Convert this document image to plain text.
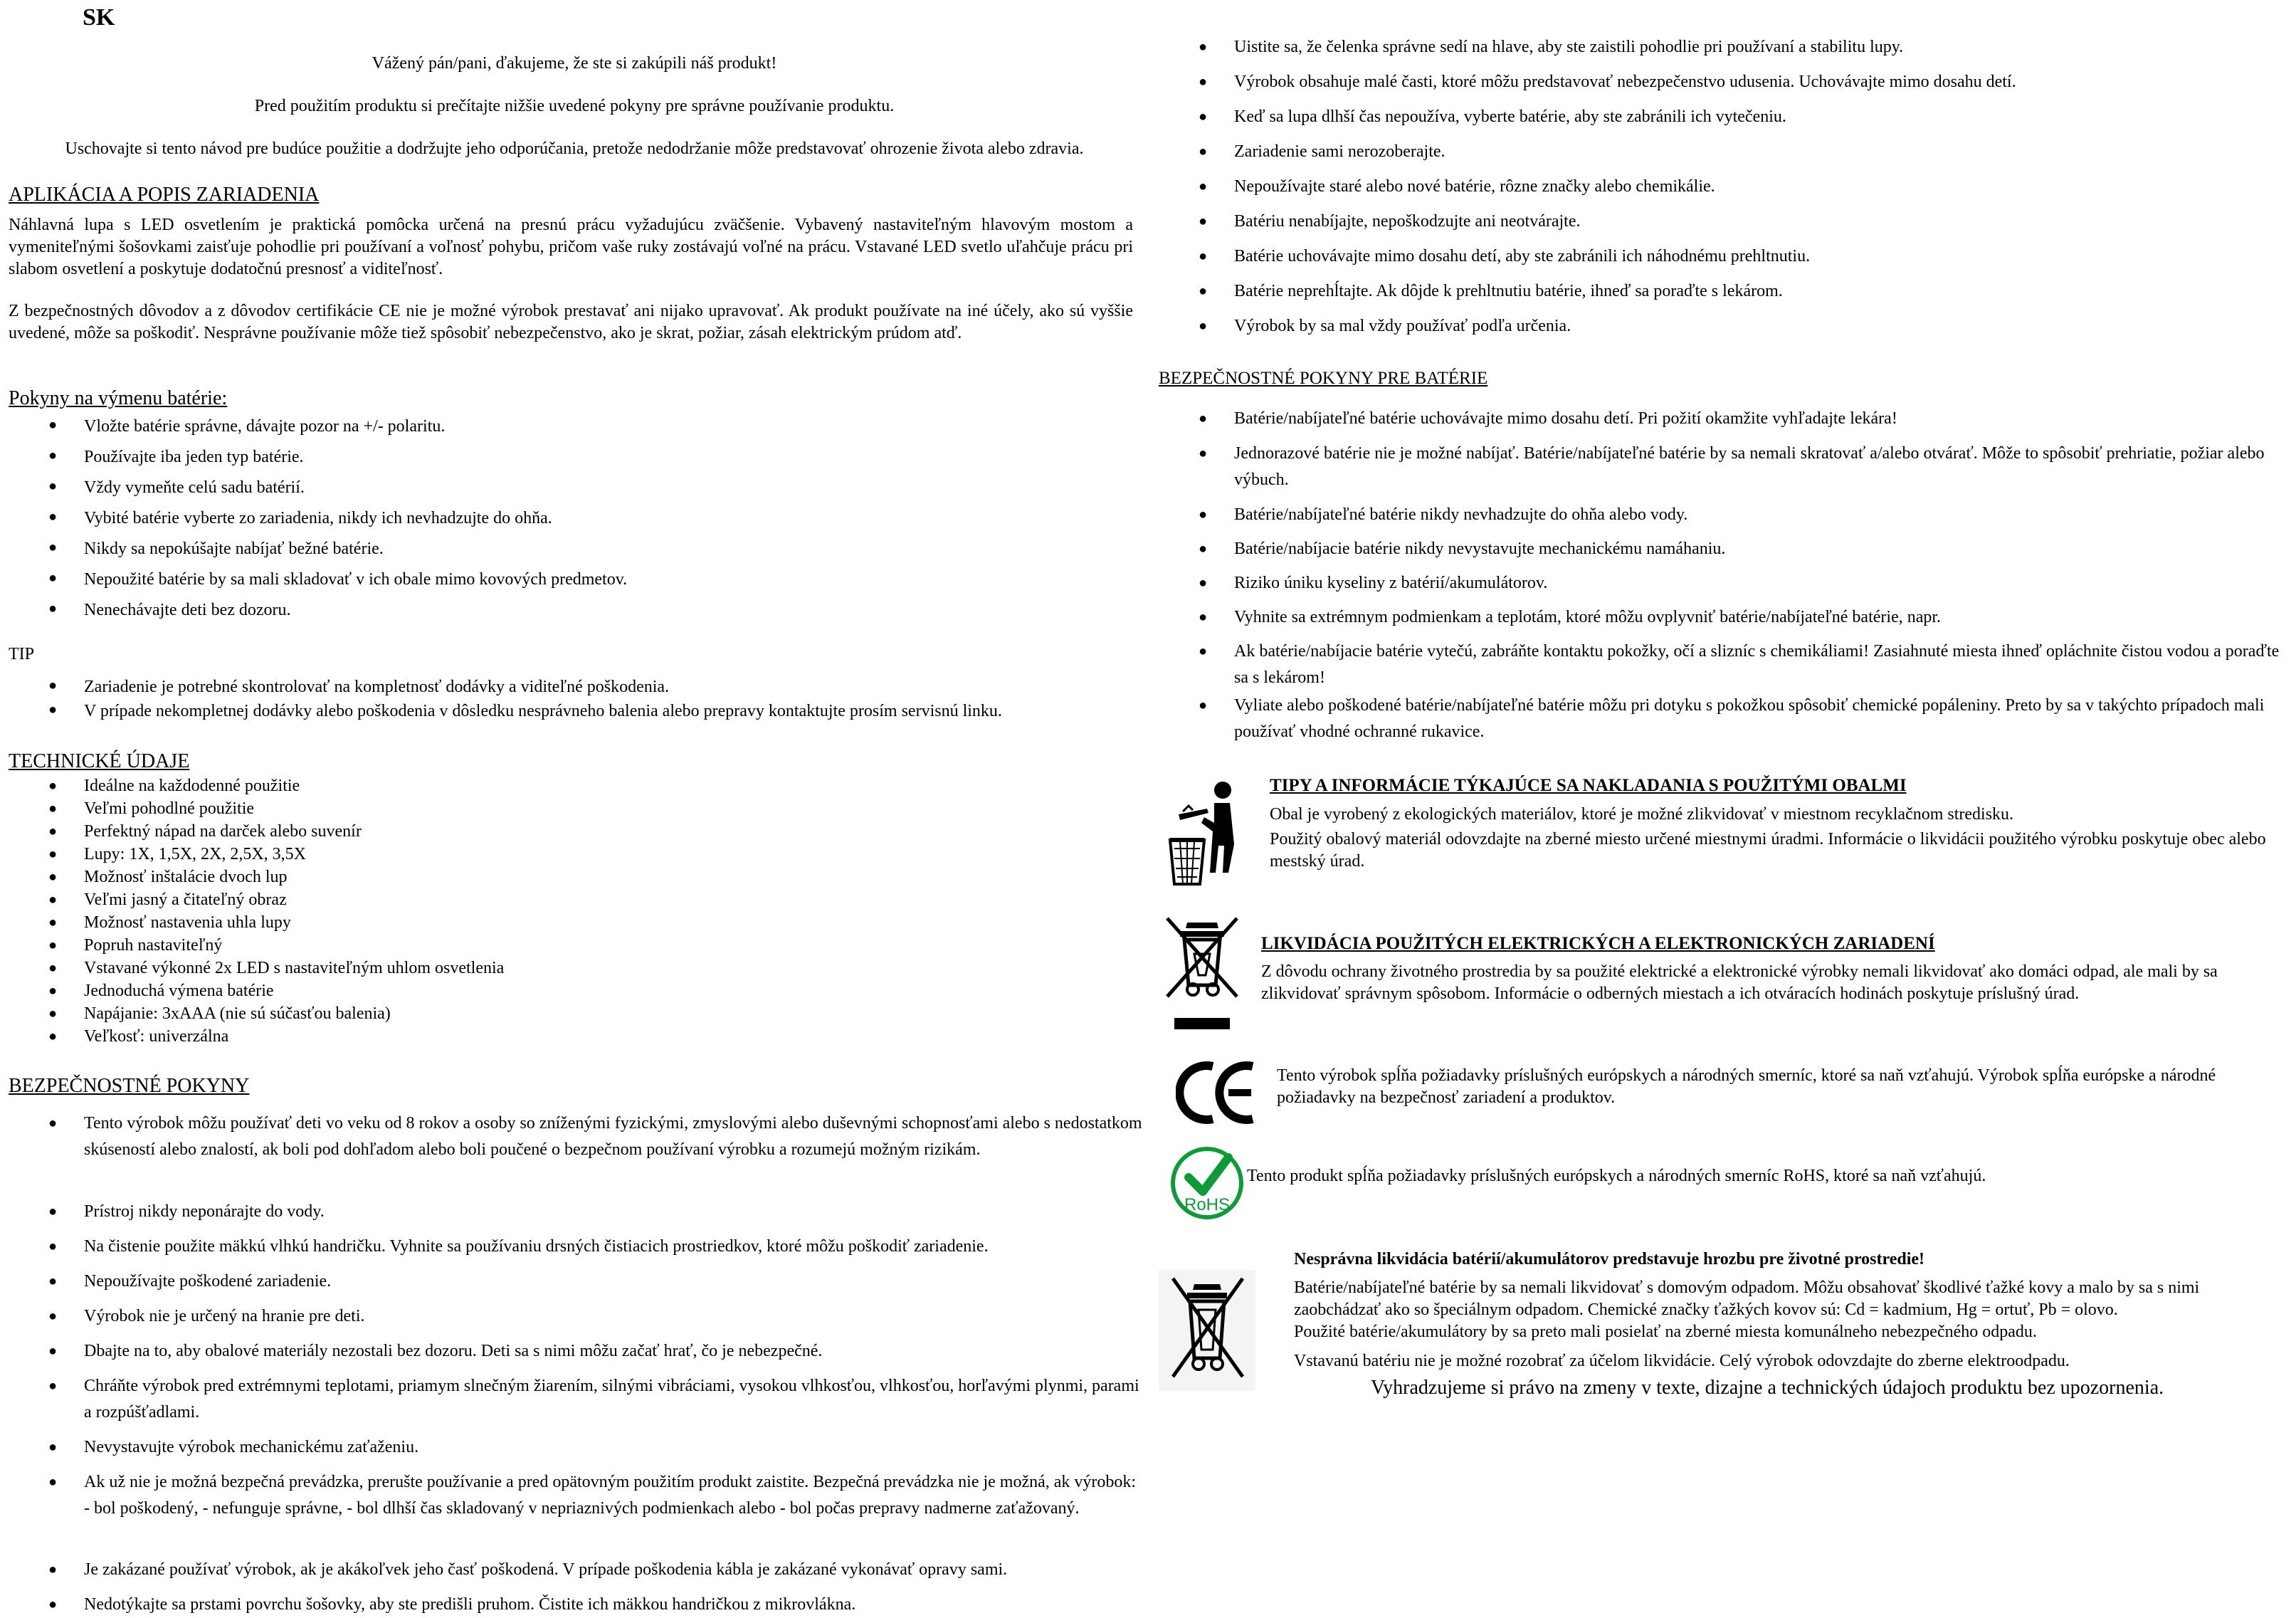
SK
Vážený pán/pani, ďakujeme, že ste si zakúpili náš produkt!
Pred použitím produktu si prečítajte nižšie uvedené pokyny pre správne používanie produktu.
Uschovajte si tento návod pre budúce použitie a dodržujte jeho odporúčania, pretože nedodržanie môže predstavovať ohrozenie života alebo zdravia.
APLIKÁCIA A POPIS ZARIADENIA
Náhlavná lupa s LED osvetlením je praktická pomôcka určená na presnú prácu vyžadujúcu zväčšenie. Vybavený nastaviteľným hlavovým mostom a vymeniteľnými šošovkami zaisťuje pohodlie pri používaní a voľnosť pohybu, pričom vaše ruky zostávajú voľné na prácu. Vstavané LED svetlo uľahčuje prácu pri slabom osvetlení a poskytuje dodatočnú presnosť a viditeľnosť.
Z bezpečnostných dôvodov a z dôvodov certifikácie CE nie je možné výrobok prestavať ani nijako upravovať. Ak produkt používate na iné účely, ako sú vyššie uvedené, môže sa poškodiť. Nesprávne používanie môže tiež spôsobiť nebezpečenstvo, ako je skrat, požiar, zásah elektrickým prúdom atď.
Pokyny na výmenu batérie:
● Vložte batérie správne, dávajte pozor na +/- polaritu.
● Používajte iba jeden typ batérie.
● Vždy vymeňte celú sadu batérií.
● Vybité batérie vyberte zo zariadenia, nikdy ich nevhadzujte do ohňa.
● Nikdy sa nepokúšajte nabíjať bežné batérie.
● Nepoužité batérie by sa mali skladovať v ich obale mimo kovových predmetov.
● Nenechávajte deti bez dozoru.
TIP
● Zariadenie je potrebné skontrolovať na kompletnosť dodávky a viditeľné poškodenia.
● V prípade nekompletnej dodávky alebo poškodenia v dôsledku nesprávneho balenia alebo prepravy kontaktujte prosím servisnú linku.
TECHNICKÉ ÚDAJE
● Ideálne na každodenné použitie
● Veľmi pohodlné použitie
● Perfektný nápad na darček alebo suvenír
● Lupy: 1X, 1,5X, 2X, 2,5X, 3,5X
● Možnosť inštalácie dvoch lup
● Veľmi jasný a čitateľný obraz
● Možnosť nastavenia uhla lupy
● Popruh nastaviteľný
● Vstavané výkonné 2x LED s nastaviteľným uhlom osvetlenia
● Jednoduchá výmena batérie
● Napájanie: 3xAAA (nie sú súčasťou balenia)
● Veľkosť: univerzálna
BEZPEČNOSTNÉ POKYNY
● Tento výrobok môžu používať deti vo veku od 8 rokov a osoby so zníženými fyzickými, zmyslovými alebo duševnými schopnosťami alebo s nedostatkom skúseností alebo znalostí, ak boli pod dohľadom alebo boli poučené o bezpečnom používaní výrobku a rozumejú možným rizikám.
● Prístroj nikdy neponárajte do vody.
● Na čistenie použite mäkkú vlhkú handričku. Vyhnite sa používaniu drsných čistiacich prostriedkov, ktoré môžu poškodiť zariadenie.
● Nepoužívajte poškodené zariadenie.
● Výrobok nie je určený na hranie pre deti.
● Dbajte na to, aby obalové materiály nezostali bez dozoru. Deti sa s nimi môžu začať hrať, čo je nebezpečné.
● Chráňte výrobok pred extrémnymi teplotami, priamym slnečným žiarením, silnými vibráciami, vysokou vlhkosťou, vlhkosťou, horľavými plynmi, parami a rozpúšťadlami.
● Nevystavujte výrobok mechanickému zaťaženiu.
● Ak už nie je možná bezpečná prevádzka, prerušte používanie a pred opätovným použitím produkt zaistite. Bezpečná prevádzka nie je možná, ak výrobok: - bol poškodený, - nefunguje správne, - bol dlhší čas skladovaný v nepriaznivých podmienkach alebo - bol počas prepravy nadmerne zaťažovaný.
● Je zakázané používať výrobok, ak je akákoľvek jeho časť poškodená. V prípade poškodenia kábla je zakázané vykonávať opravy sami.
● Nedotýkajte sa prstami povrchu šošovky, aby ste predišli pruhom. Čistite ich mäkkou handričkou z mikrovlákna.
● Uistite sa, že čelenka správne sedí na hlave, aby ste zaistili pohodlie pri používaní a stabilitu lupy.
● Výrobok obsahuje malé časti, ktoré môžu predstavovať nebezpečenstvo udusenia. Uchovávajte mimo dosahu detí.
● Keď sa lupa dlhší čas nepoužíva, vyberte batérie, aby ste zabránili ich vytečeniu.
● Zariadenie sami nerozoberajte.
● Nepoužívajte staré alebo nové batérie, rôzne značky alebo chemikálie.
● Batériu nenabíjajte, nepoškodzujte ani neotvárajte.
● Batérie uchovávajte mimo dosahu detí, aby ste zabránili ich náhodnému prehltnutiu.
● Batérie neprehĺtajte. Ak dôjde k prehltnutiu batérie, ihneď sa poraďte s lekárom.
● Výrobok by sa mal vždy používať podľa určenia.
BEZPEČNOSTNÉ POKYNY PRE BATÉRIE
● Batérie/nabíjateľné batérie uchovávajte mimo dosahu detí. Pri požití okamžite vyhľadajte lekára!
● Jednorazové batérie nie je možné nabíjať. Batérie/nabíjateľné batérie by sa nemali skratovať a/alebo otvárať. Môže to spôsobiť prehriatie, požiar alebo výbuch.
● Batérie/nabíjateľné batérie nikdy nevhadzujte do ohňa alebo vody.
● Batérie/nabíjacie batérie nikdy nevystavujte mechanickému namáhaniu.
● Riziko úniku kyseliny z batérií/akumulátorov.
● Vyhnite sa extrémnym podmienkam a teplotám, ktoré môžu ovplyvniť batérie/nabíjateľné batérie, napr.
● Ak batérie/nabíjacie batérie vytečú, zabráňte kontaktu pokožky, očí a slizníc s chemikáliami! Zasiahnuté miesta ihneď opláchnite čistou vodou a poraďte sa s lekárom!
● Vyliate alebo poškodené batérie/nabíjateľné batérie môžu pri dotyku s pokožkou spôsobiť chemické popáleniny. Preto by sa v takýchto prípadoch mali používať vhodné ochranné rukavice.
TIPY A INFORMÁCIE TÝKAJÚCE SA NAKLADANIA S POUŽITÝMI OBALMI
Obal je vyrobený z ekologických materiálov, ktoré je možné zlikvidovať v miestnom recyklačnom stredisku.
Použitý obalový materiál odovzdajte na zberné miesto určené miestnymi úradmi. Informácie o likvidácii použitého výrobku poskytuje obec alebo mestský úrad.
LIKVIDÁCIA POUŽITÝCH ELEKTRICKÝCH A ELEKTRONICKÝCH ZARIADENÍ
Z dôvodu ochrany životného prostredia by sa použité elektrické a elektronické výrobky nemali likvidovať ako domáci odpad, ale mali by sa zlikvidovať správnym spôsobom. Informácie o odberných miestach a ich otváracích hodinách poskytuje príslušný úrad.
Tento výrobok spĺňa požiadavky príslušných európskych a národných smerníc, ktoré sa naň vzťahujú. Výrobok spĺňa európske a národné požiadavky na bezpečnosť zariadení a produktov.
RoHS
Tento produkt spĺňa požiadavky príslušných európskych a národných smerníc RoHS, ktoré sa naň vzťahujú.
Nesprávna likvidácia batérií/akumulátorov predstavuje hrozbu pre životné prostredie!
Batérie/nabíjateľné batérie by sa nemali likvidovať s domovým odpadom. Môžu obsahovať škodlivé ťažké kovy a malo by sa s nimi zaobchádzať ako so špeciálnym odpadom. Chemické značky ťažkých kovov sú: Cd = kadmium, Hg = ortuť, Pb = olovo.
Použité batérie/akumulátory by sa preto mali posielať na zberné miesta komunálneho nebezpečného odpadu.
Vstavanú batériu nie je možné rozobrať za účelom likvidácie. Celý výrobok odovzdajte do zberne elektroodpadu.
Vyhradzujeme si právo na zmeny v texte, dizajne a technických údajoch produktu bez upozornenia.
